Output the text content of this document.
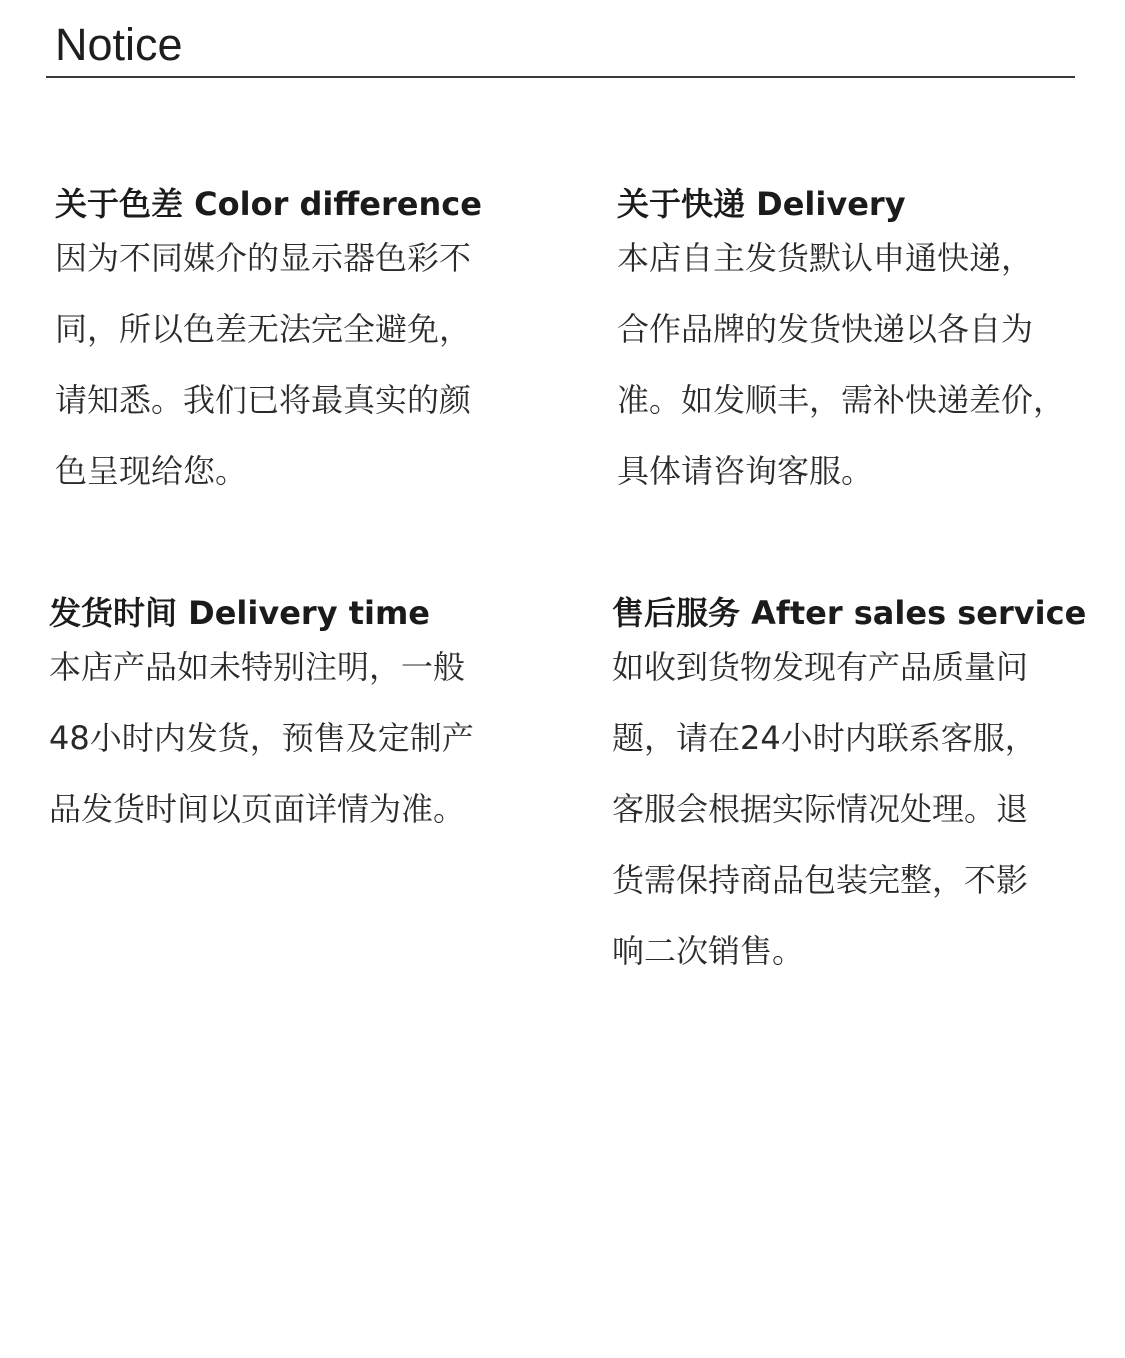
Notice
关于色差 Color difference
因为不同媒介的显示器色彩不
同，所以色差无法完全避免，
请知悉。我们已将最真实的颜
色呈现给您。
关于快递 Delivery
本店自主发货默认申通快递，
合作品牌的发货快递以各自为
准。如发顺丰，需补快递差价，
具体请咨询客服。
发货时间 Delivery time
本店产品如未特别注明，一般
48小时内发货，预售及定制产
品发货时间以页面详情为准。
售后服务 After sales service
如收到货物发现有产品质量问
题，请在24小时内联系客服，
客服会根据实际情况处理。退
货需保持商品包装完整，不影
响二次销售。
